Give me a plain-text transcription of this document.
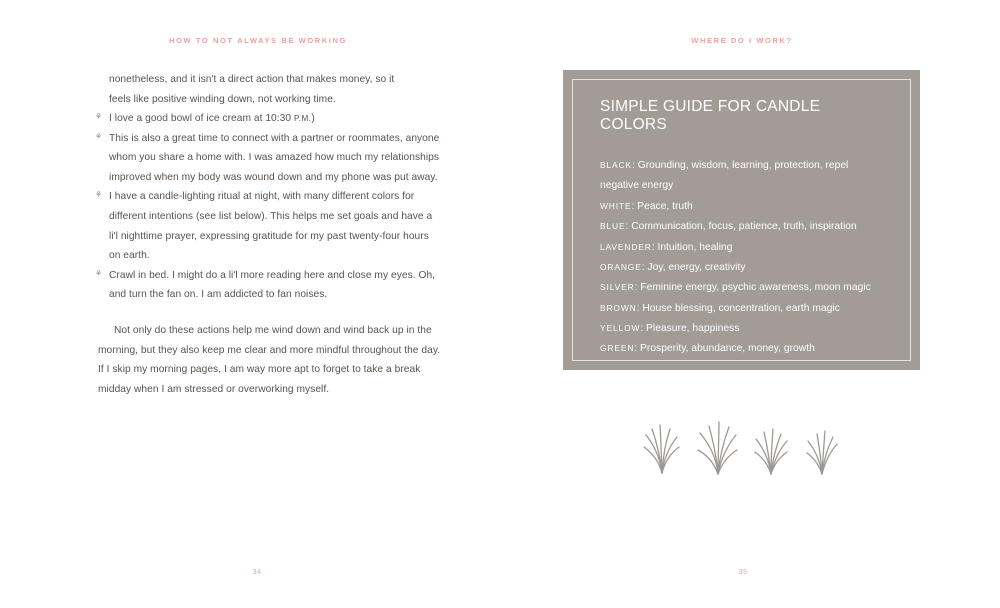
HOW TO NOT ALWAYS BE WORKING

nonetheless, and it isn't a direct action that makes money, so it

feels like positive winding down, not working time.

⚘ I love a good bowl of ice cream at 10:30 P.M.)
⚘ This is also a great time to connect with a partner or roommates, anyone whom you share a home with. I was amazed how much my relationships improved when my body was wound down and my phone was put away.
⚘ I have a candle-lighting ritual at night, with many different colors for different intentions (see list below). This helps me set goals and have a li'l nighttime prayer, expressing gratitude for my past twenty-four hours on earth.
⚘ Crawl in bed. I might do a li'l more reading here and close my eyes. Oh, and turn the fan on. I am addicted to fan noises.

Not only do these actions help me wind down and wind back up in the morning, but they also keep me clear and more mindful throughout the day. If I skip my morning pages, I am way more apt to forget to take a break midday when I am stressed or overworking myself.

34
WHERE DO I WORK?
SIMPLE GUIDE FOR CANDLE COLORS
BLACK: Grounding, wisdom, learning, protection, repel negative energy
WHITE: Peace, truth
BLUE: Communication, focus, patience, truth, inspiration
LAVENDER: Intuition, healing
ORANGE: Joy, energy, creativity
SILVER: Feminine energy, psychic awareness, moon magic
BROWN: House blessing, concentration, earth magic
YELLOW: Pleasure, happiness
GREEN: Prosperity, abundance, money, growth
35
